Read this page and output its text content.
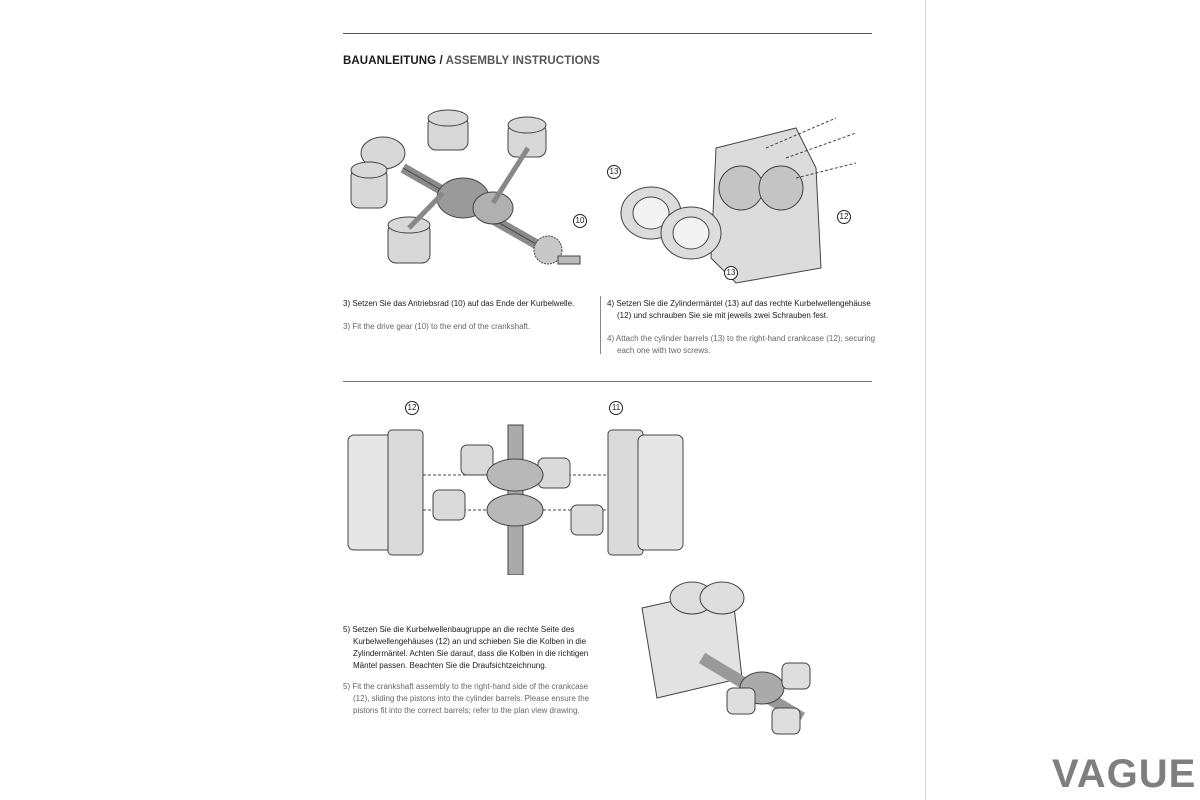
BAUANLEITUNG / ASSEMBLY INSTRUCTIONS
10
13
13
12
3) Setzen Sie das Antriebsrad (10) auf das Ende der Kurbelwelle.
3) Fit the drive gear (10) to the end of the crankshaft.
4) Setzen Sie die Zylindermäntel (13) auf das rechte Kurbelwellengehäuse
(12) und schrauben Sie sie mit jeweils zwei Schrauben fest.
4) Attach the cylinder barrels (13) to the right-hand crankcase (12), securing
each one with two screws.
12	11
5) Setzen Sie die Kurbelwellenbaugruppe an die rechte Seite des
Kurbelwellengehäuses (12) an und schieben Sie die Kolben in die
Zylindermäntel. Achten Sie darauf, dass die Kolben in die richtigen
Mäntel passen. Beachten Sie die Draufsichtzeichnung.
5) Fit the crankshaft assembly to the right-hand side of the crankcase
(12), sliding the pistons into the cylinder barrels. Please ensure the
pistons fit into the correct barrels; refer to the plan view drawing.
VAGUE
